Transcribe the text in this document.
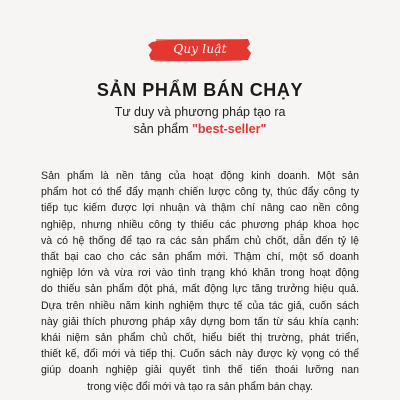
Quy luật
SẢN PHẨM BÁN CHẠY
Tư duy và phương pháp tạo ra
sản phẩm "best-seller"
Sản phẩm là nền tảng của hoạt động kinh doanh. Một sản
phẩm hot có thể đẩy mạnh chiến lược công ty, thúc đẩy công ty
tiếp tục kiếm được lợi nhuận và thậm chí nâng cao nền công
nghiệp, nhưng nhiều công ty thiếu các phương pháp khoa học
và có hệ thống để tạo ra các sản phẩm chủ chốt, dẫn đến tỷ lệ
thất bại cao cho các sản phẩm mới. Thậm chí, một số doanh
nghiệp lớn và vừa rơi vào tình trạng khó khăn trong hoạt động
do thiếu sản phẩm đột phá, mất động lực tăng trưởng hiệu quả.
Dựa trên nhiều năm kinh nghiệm thực tế của tác giả, cuốn sách
này giải thích phương pháp xây dựng bom tấn từ sáu khía cạnh:
khái niệm sản phẩm chủ chốt, hiểu biết thị trường, phát triển,
thiết kế, đổi mới và tiếp thị. Cuốn sách này được kỳ vọng có thể
giúp doanh nghiệp giải quyết tình thế tiến thoái lưỡng nan
trong việc đổi mới và tạo ra sản phẩm bán chạy.
